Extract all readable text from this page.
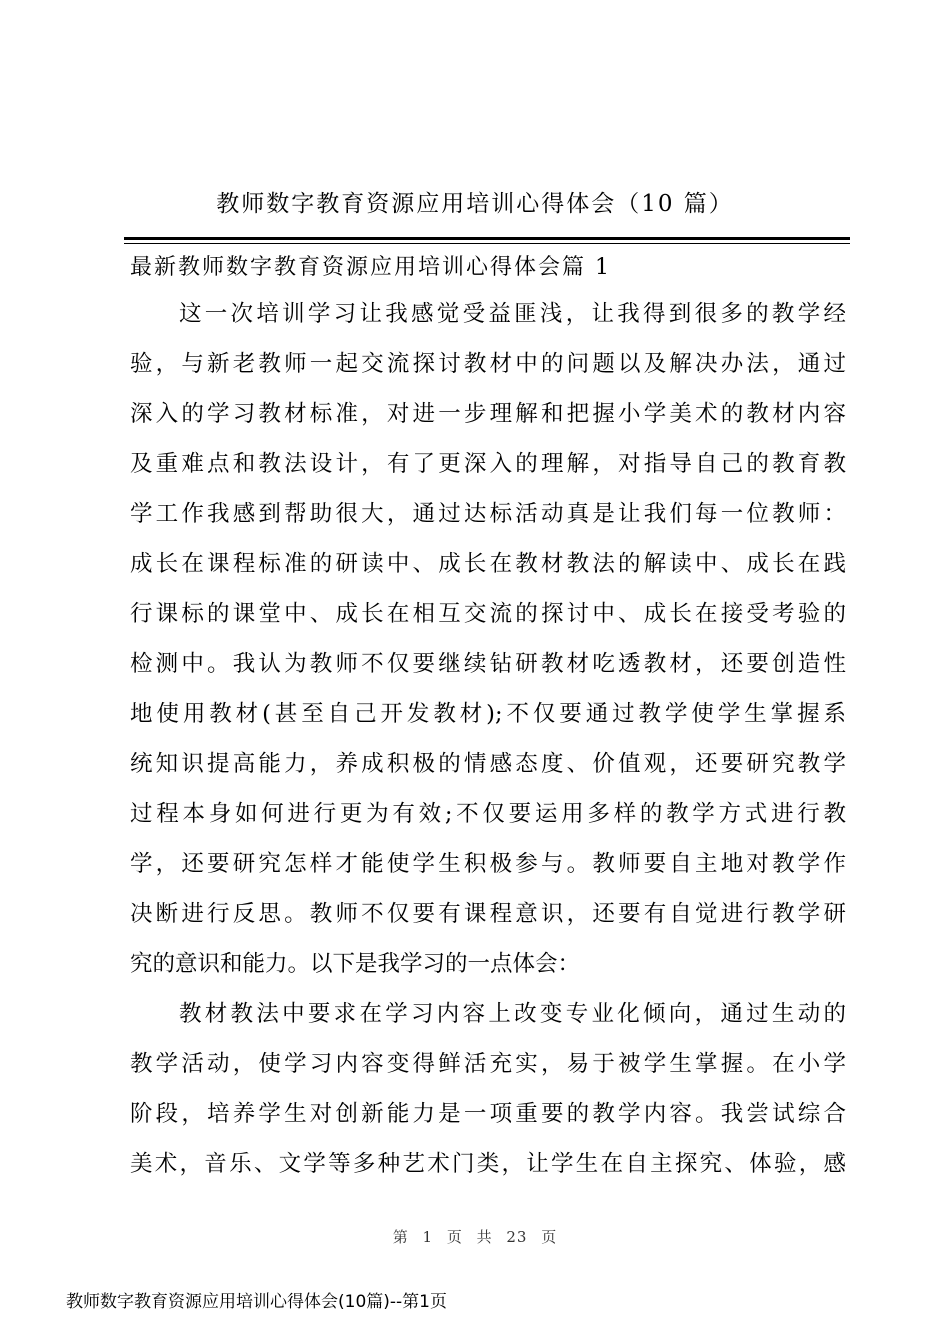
教师数字教育资源应用培训心得体会（10 篇）
最新教师数字教育资源应用培训心得体会篇 1
这一次培训学习让我感觉受益匪浅，让我得到很多的教学经
验，与新老教师一起交流探讨教材中的问题以及解决办法，通过
深入的学习教材标准，对进一步理解和把握小学美术的教材内容
及重难点和教法设计，有了更深入的理解，对指导自己的教育教
学工作我感到帮助很大，通过达标活动真是让我们每一位教师：
成长在课程标准的研读中、成长在教材教法的解读中、成长在践
行课标的课堂中、成长在相互交流的探讨中、成长在接受考验的
检测中。我认为教师不仅要继续钻研教材吃透教材，还要创造性
地使用教材(甚至自己开发教材);不仅要通过教学使学生掌握系
统知识提高能力，养成积极的情感态度、价值观，还要研究教学
过程本身如何进行更为有效;不仅要运用多样的教学方式进行教
学，还要研究怎样才能使学生积极参与。教师要自主地对教学作
决断进行反思。教师不仅要有课程意识，还要有自觉进行教学研
究的意识和能力。以下是我学习的一点体会：
教材教法中要求在学习内容上改变专业化倾向，通过生动的
教学活动，使学习内容变得鲜活充实，易于被学生掌握。在小学
阶段，培养学生对创新能力是一项重要的教学内容。我尝试综合
美术，音乐、文学等多种艺术门类，让学生在自主探究、体验，感
第 1 页 共 23 页
教师数字教育资源应用培训心得体会(10篇)--第1页
